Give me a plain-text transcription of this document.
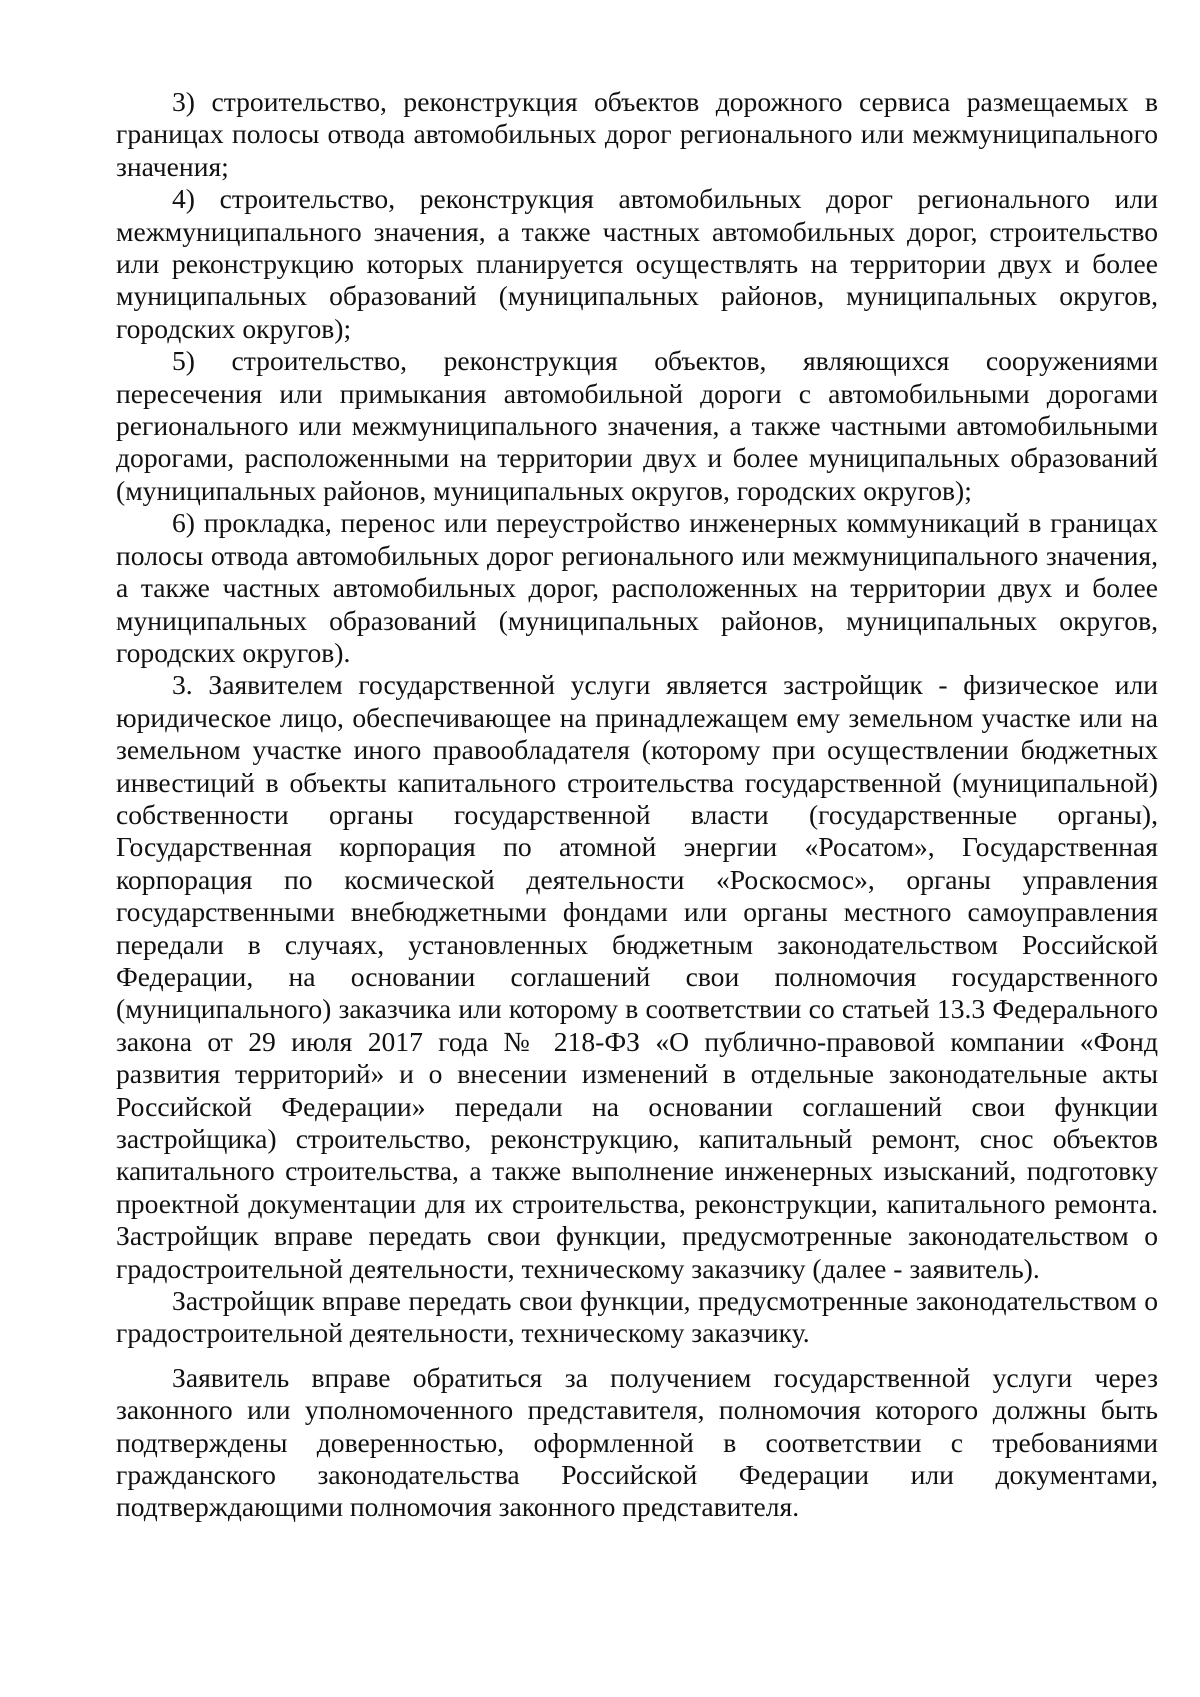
3) строительство, реконструкция объектов дорожного сервиса размещаемых в границах полосы отвода автомобильных дорог регионального или межмуниципального значения;

4) строительство, реконструкция автомобильных дорог регионального или межмуниципального значения, а также частных автомобильных дорог, строительство или реконструкцию которых планируется осуществлять на территории двух и более муниципальных образований (муниципальных районов, муниципальных округов, городских округов);

5) строительство, реконструкция объектов, являющихся сооружениями пересечения или примыкания автомобильной дороги с автомобильными дорогами регионального или межмуниципального значения, а также частными автомобильными дорогами, расположенными на территории двух и более муниципальных образований (муниципальных районов, муниципальных округов, городских округов);

6) прокладка, перенос или переустройство инженерных коммуникаций в границах полосы отвода автомобильных дорог регионального или межмуниципального значения, а также частных автомобильных дорог, расположенных на территории двух и более муниципальных образований (муниципальных районов, муниципальных округов, городских округов).

3. Заявителем государственной услуги является застройщик - физическое или юридическое лицо, обеспечивающее на принадлежащем ему земельном участке или на земельном участке иного правообладателя (которому при осуществлении бюджетных инвестиций в объекты капитального строительства государственной (муниципальной) собственности органы государственной власти (государственные органы), Государственная корпорация по атомной энергии «Росатом», Государственная корпорация по космической деятельности «Роскосмос», органы управления государственными внебюджетными фондами или органы местного самоуправления передали в случаях, установленных бюджетным законодательством Российской Федерации, на основании соглашений свои полномочия государственного (муниципального) заказчика или которому в соответствии со статьей 13.3 Федерального закона от 29 июля 2017 года № 218-ФЗ «О публично-правовой компании «Фонд развития территорий» и о внесении изменений в отдельные законодательные акты Российской Федерации» передали на основании соглашений свои функции застройщика) строительство, реконструкцию, капитальный ремонт, снос объектов капитального строительства, а также выполнение инженерных изысканий, подготовку проектной документации для их строительства, реконструкции, капитального ремонта. Застройщик вправе передать свои функции, предусмотренные законодательством о градостроительной деятельности, техническому заказчику (далее - заявитель).

Застройщик вправе передать свои функции, предусмотренные законодательством о градостроительной деятельности, техническому заказчику.

Заявитель вправе обратиться за получением государственной услуги через законного или уполномоченного представителя, полномочия которого должны быть подтверждены доверенностью, оформленной в соответствии с требованиями гражданского законодательства Российской Федерации или документами, подтверждающими полномочия законного представителя.
